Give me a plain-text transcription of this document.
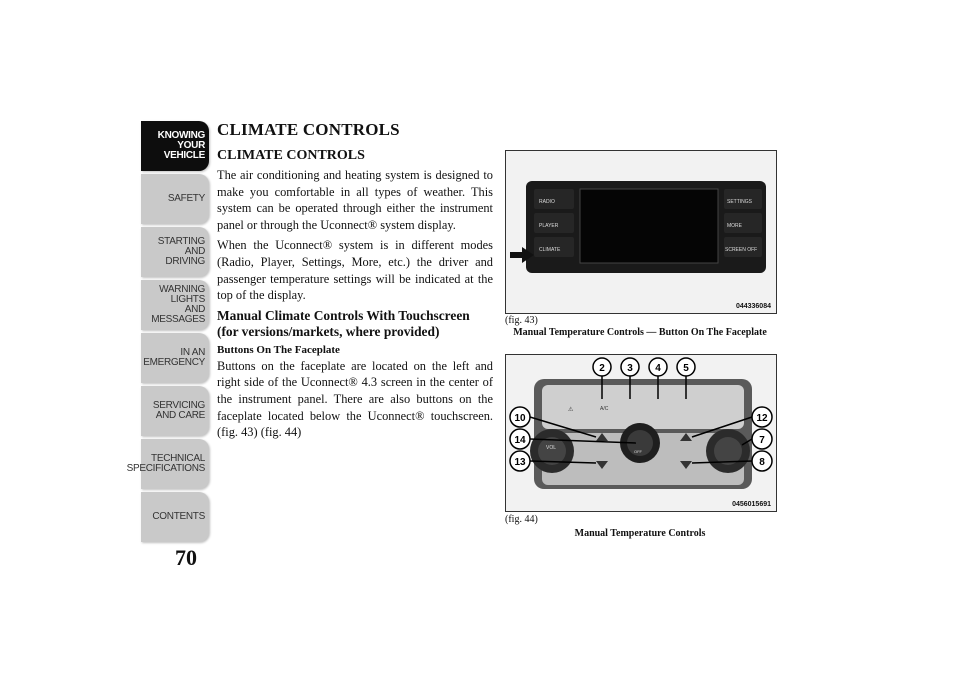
KNOWING
YOUR
VEHICLE
SAFETY
STARTING
AND
DRIVING
WARNING
LIGHTS
AND
MESSAGES
IN AN
EMERGENCY
SERVICING
AND CARE
TECHNICAL
SPECIFICATIONS
CONTENTS
70
CLIMATE CONTROLS
CLIMATE CONTROLS

The air conditioning and heating system is designed to make you comfortable in all types of weather. This system can be operated through either the instrument panel or through the Uconnect® system display.

When the Uconnect® system is in different modes (Radio, Player, Settings, More, etc.) the driver and passenger temperature settings will be indicated at the top of the display.

Manual Climate Controls With Touchscreen (for versions/markets, where provided)
Buttons On The Faceplate

Buttons on the faceplate are located on the left and right side of the Uconnect® 4.3 screen in the center of the instrument panel. There are also buttons on the faceplate located below the Uconnect® touchscreen. (fig. 43) (fig. 44)

RADIO
PLAYER
CLIMATE
SETTINGS
MORE
SCREEN OFF
044336084
(fig. 43)
Manual Temperature Controls — Button On The Faceplate
⚠	A/C
VOL
OFF
2 3 4 5
10
14
13
12
7
8
0456015691
(fig. 44)
Manual Temperature Controls
